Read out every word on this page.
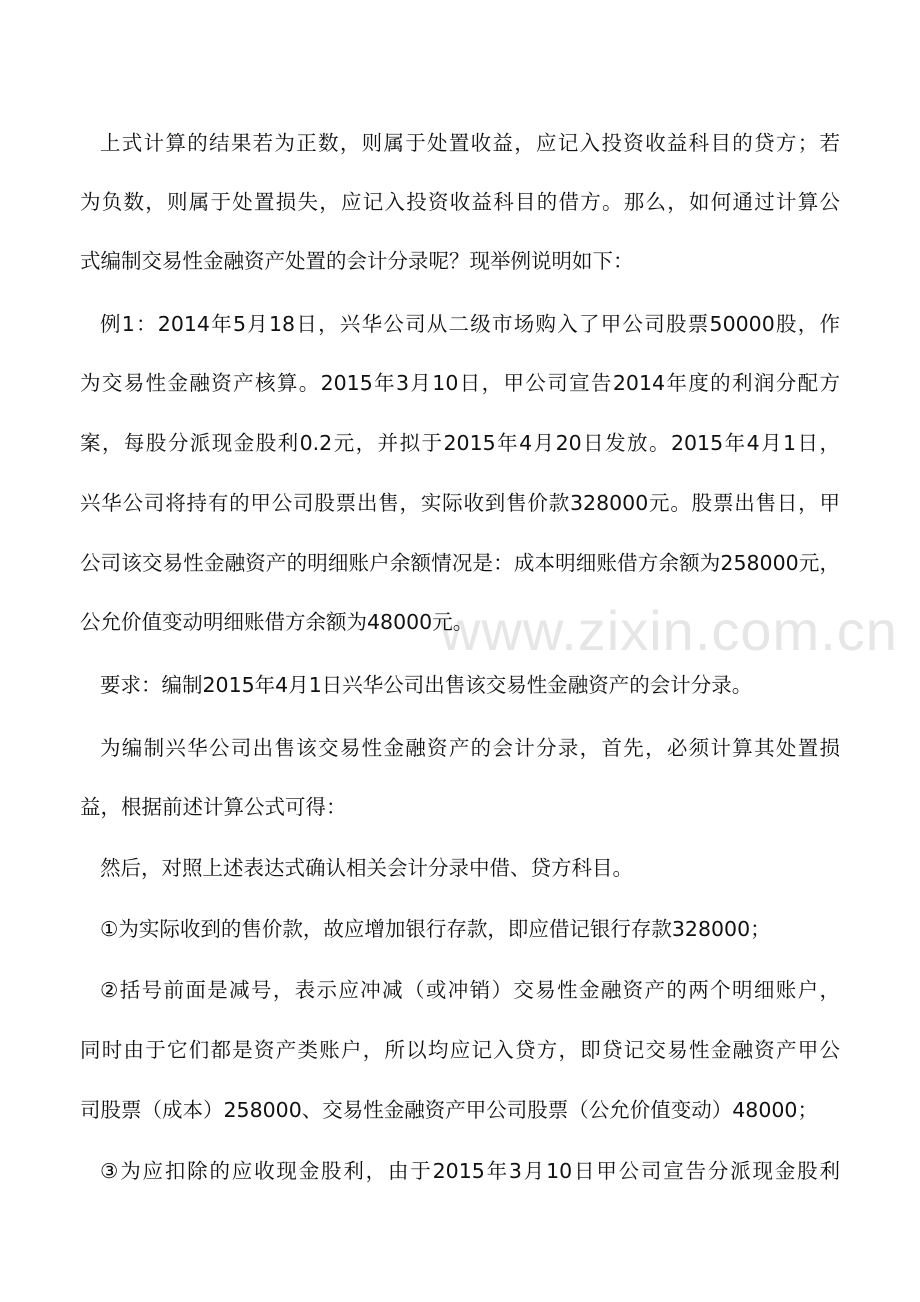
www.zixin.com.cn
上式计算的结果若为正数，则属于处置收益，应记入投资收益科目的贷方；若
为负数，则属于处置损失，应记入投资收益科目的借方。那么，如何通过计算公
式编制交易性金融资产处置的会计分录呢？现举例说明如下：
例1：2014年5月18日，兴华公司从二级市场购入了甲公司股票50000股，作
为交易性金融资产核算。2015年3月10日，甲公司宣告2014年度的利润分配方
案，每股分派现金股利0.2元，并拟于2015年4月20日发放。2015年4月1日，
兴华公司将持有的甲公司股票出售，实际收到售价款328000元。股票出售日，甲
公司该交易性金融资产的明细账户余额情况是：成本明细账借方余额为258000元，
公允价值变动明细账借方余额为48000元。
要求：编制2015年4月1日兴华公司出售该交易性金融资产的会计分录。
为编制兴华公司出售该交易性金融资产的会计分录，首先，必须计算其处置损
益，根据前述计算公式可得：
然后，对照上述表达式确认相关会计分录中借、贷方科目。
①为实际收到的售价款，故应增加银行存款，即应借记银行存款328000；
②括号前面是减号，表示应冲减（或冲销）交易性金融资产的两个明细账户，
同时由于它们都是资产类账户，所以均应记入贷方，即贷记交易性金融资产甲公
司股票（成本）258000、交易性金融资产甲公司股票（公允价值变动）48000；
③为应扣除的应收现金股利，由于2015年3月10日甲公司宣告分派现金股利
